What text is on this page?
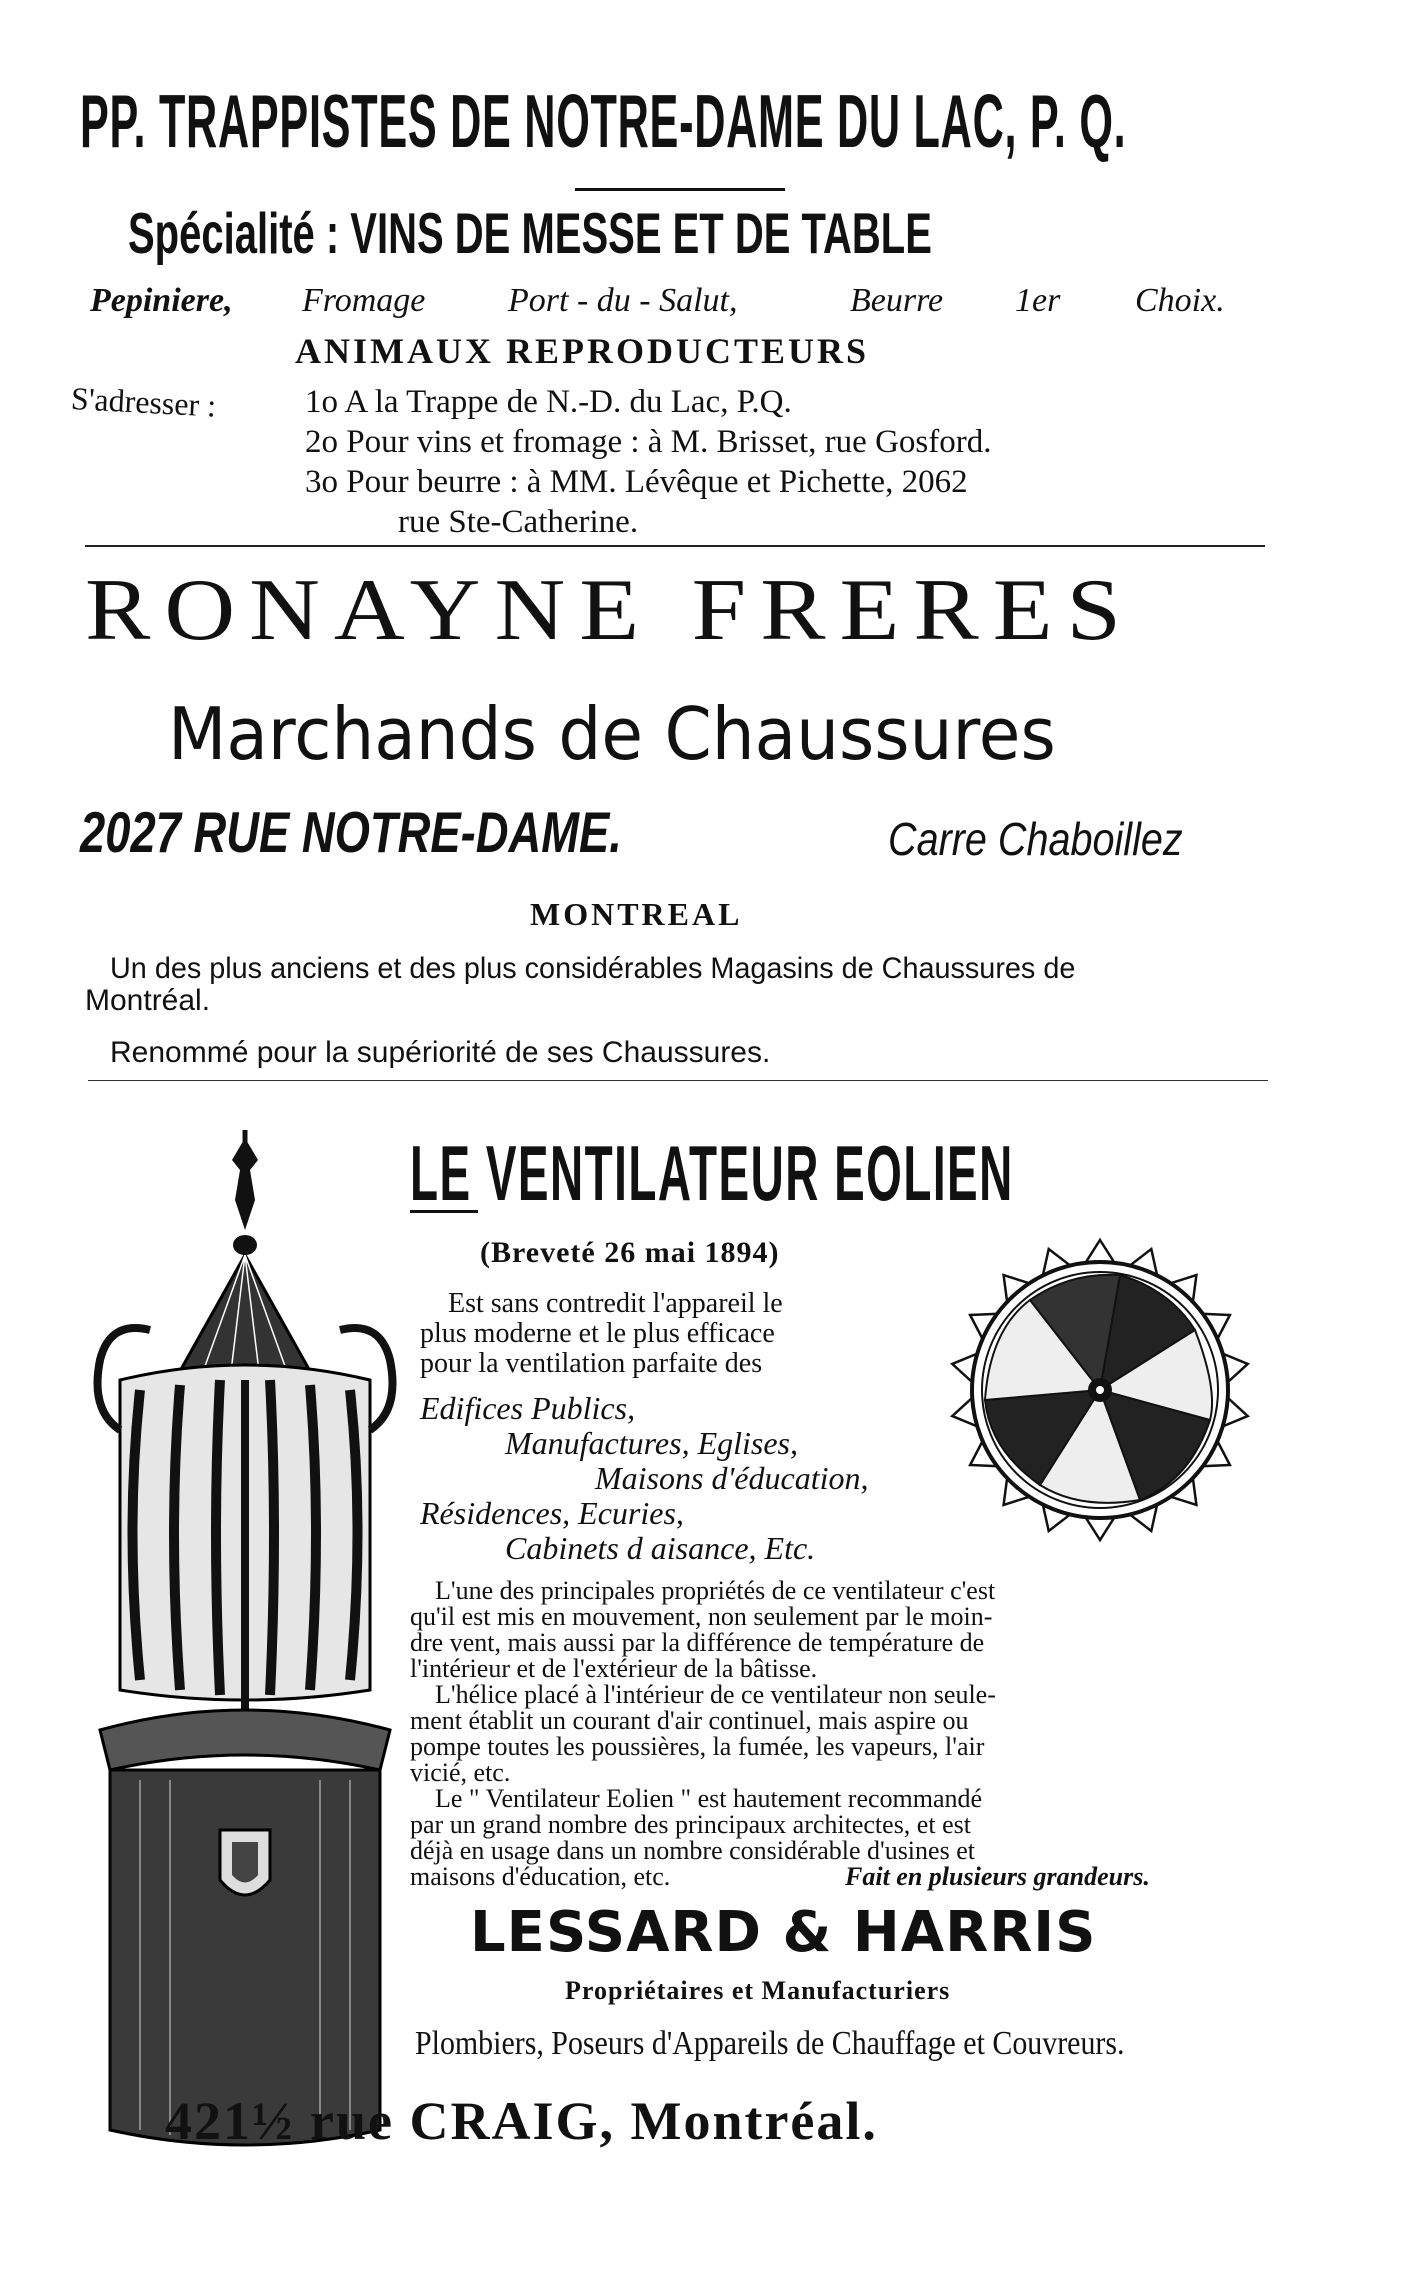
PP. TRAPPISTES DE NOTRE-DAME DU LAC, P. Q.
Spécialité : VINS DE MESSE ET DE TABLE
Pepiniere, Fromage Port - du - Salut,	Beurre 1er Choix.
ANIMAUX REPRODUCTEURS
S'adresser :	1o A la Trappe de N.-D. du Lac, P.Q.
2o Pour vins et fromage : à M. Brisset, rue Gosford.
3o Pour beurre : à MM. Lévêque et Pichette, 2062
rue Ste-Catherine.
RONAYNE FRERES
Marchands de Chaussures
2027 RUE NOTRE-DAME.	Carre Chaboillez
MONTREAL
Un des plus anciens et des plus considérables Magasins de Chaussures de
Montréal.
Renommé pour la supériorité de ses Chaussures.
LE VENTILATEUR EOLIEN
(Breveté 26 mai 1894)
Est sans contredit l'appareil le
plus moderne et le plus efficace
pour la ventilation parfaite des
Edifices Publics,
Manufactures, Eglises,
Maisons d'éducation,
Résidences, Ecuries,
Cabinets d aisance, Etc.
L'une des principales propriétés de ce ventilateur c'est
qu'il est mis en mouvement, non seulement par le moin-
dre vent, mais aussi par la différence de température de
l'intérieur et de l'extérieur de la bâtisse.
L'hélice placé à l'intérieur de ce ventilateur non seule-
ment établit un courant d'air continuel, mais aspire ou
pompe toutes les poussières, la fumée, les vapeurs, l'air
vicié, etc.
Le " Ventilateur Eolien " est hautement recommandé
par un grand nombre des principaux architectes, et est
déjà en usage dans un nombre considérable d'usines et
maisons d'éducation, etc.	Fait en plusieurs grandeurs.
LESSARD & HARRIS
Propriétaires et Manufacturiers
Plombiers, Poseurs d'Appareils de Chauffage et Couvreurs.
421½ rue CRAIG, Montréal.
